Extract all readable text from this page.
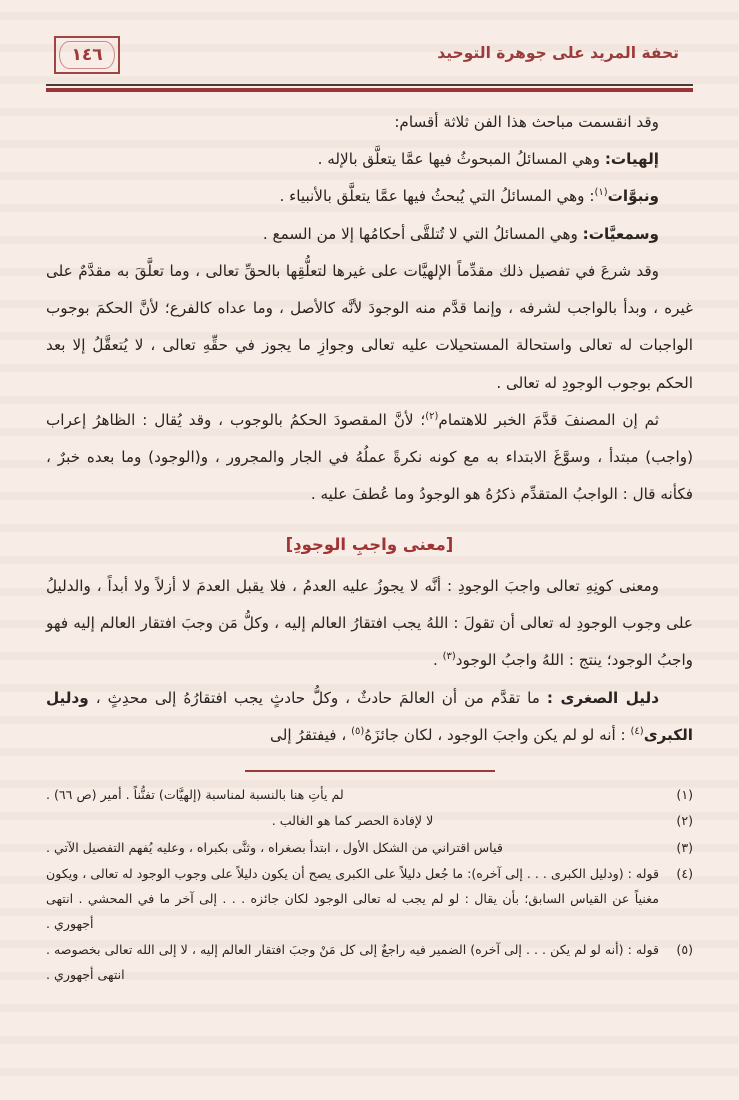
تحفة المريد على جوهرة التوحيد
١٤٦

وقد انقسمت مباحث هذا الفن ثلاثة أقسام:

إلهيات: وهي المسائلُ المبحوثُ فيها عمَّا يتعلَّق بالإله .

ونبوَّات$^{(١)}$: وهي المسائلُ التي يُبحثُ فيها عمَّا يتعلَّق بالأنبياء .

وسمعيَّات: وهي المسائلُ التي لا تُتلقَّى أحكامُها إلا من السمع .

وقد شرعَ في تفصيل ذلك مقدِّماً الإلهيَّات على غيرها لتعلُّقِها بالحقِّ تعالى ، وما تعلَّقَ به مقدَّمٌ على غيره ، وبدأ بالواجب لشرفه ، وإنما قدَّم منه الوجودَ لأنَّه كالأصل ، وما عداه كالفرع؛ لأنَّ الحكمَ بوجوب الواجبات له تعالى واستحالة المستحيلات عليه تعالى وجوازِ ما يجوز في حقِّهِ تعالى ، لا يُتعقَّلُ إلا بعد الحكم بوجوب الوجودِ له تعالى .

ثم إن المصنفَ قدَّمَ الخبر للاهتمام$^{(٢)}$؛ لأنَّ المقصودَ الحكمُ بالوجوب ، وقد يُقال : الظاهرُ إعراب (واجب) مبتدأ ، وسوَّغَ الابتداء به مع كونه نكرةً عملُهُ في الجار والمجرور ، و(الوجود) وما بعده خبرٌ ، فكأنه قال : الواجبُ المتقدِّم ذكرُهُ هو الوجودُ وما عُطفَ عليه .

[معنى واجبِ الوجودِ]

ومعنى كونِهِ تعالى واجبَ الوجودِ : أنَّه لا يجوزُ عليه العدمُ ، فلا يقبل العدمَ لا أزلاً ولا أبداً ، والدليلُ على وجوب الوجودِ له تعالى أن تقولَ : اللهُ يجب افتقارُ العالم إليه ، وكلُّ مَن وجبَ افتقار العالم إليه فهو واجبُ الوجود؛ ينتج : اللهُ واجبُ الوجود$^{(٣)}$ .

دليل الصغرى : ما تقدَّم من أن العالمَ حادثٌ ، وكلُّ حادثٍ يجب افتقارُهُ إلى محدِثٍ ، ودليل الكبرى$^{(٤)}$ : أنه لو لم يكن واجبَ الوجود ، لكان جائزَهُ$^{(٥)}$ ، فيفتقرُ إلى

(١)
لم يأتِ هنا بالنسبة لمناسبة (إلهيَّات) تفنُّناً . أمير (ص ٦٦) .
(٢)
لا لإفادة الحصر كما هو الغالب .
(٣)
قياس اقتراني من الشكل الأول ، ابتدأ بصغراه ، وثنَّى بكبراه ، وعليه يُفهم التفصيل الآتي .
(٤)
قوله : (ودليل الكبرى . . . إلى آخره): ما جُعل دليلاً على الكبرى يصح أن يكون دليلاً على وجوب الوجود له تعالى ، ويكون مغنياً عن القياس السابق؛ بأن يقال : لو لم يجب له تعالى الوجود لكان جائزه . . . إلى آخر ما في المحشي . انتهى أجهوري .
(٥)
قوله : (أنه لو لم يكن . . . إلى آخره) الضمير فيه راجعٌ إلى كل مَنْ وجبَ افتقار العالم إليه ، لا إلى الله تعالى بخصوصه . انتهى أجهوري .
